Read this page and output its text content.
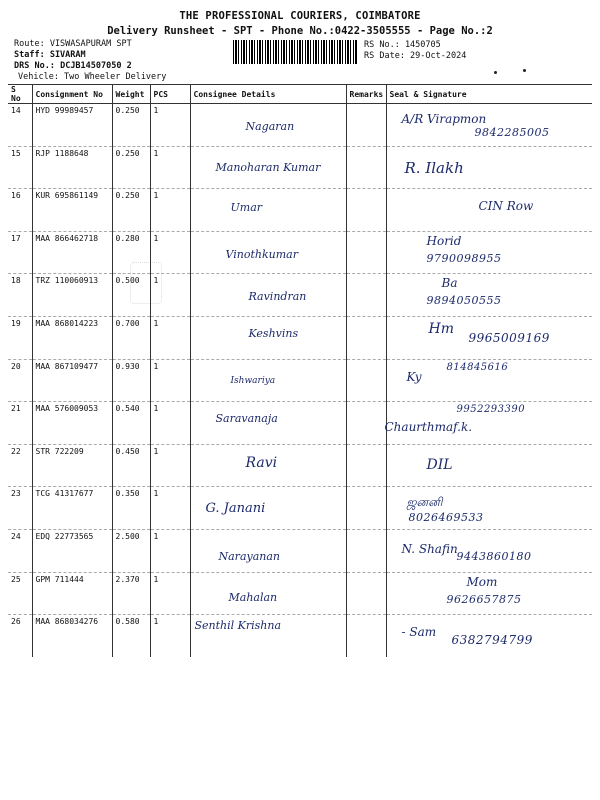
THE PROFESSIONAL COURIERS, COIMBATORE
Delivery Runsheet - SPT - Phone No.:0422-3505555 - Page No.:2
Route: VISWASAPURAM SPT
Staff: SIVARAM
DRS No.: DCJB14507050 2
Vehicle: Two Wheeler Delivery
RS No.: 1450705
RS Date: 29-Oct-2024
S No	Consignment No	Weight	PCS	Consignee Details	Remarks	Seal & Signature
14	HYD 99989457	0.250	1	Nagaran		A/R Virapmon
9842285005

15	RJP 1188648	0.250	1	Manoharan Kumar		R. Ilakh

16	KUR 695861149	0.250	1	Umar		CIN Row

17	MAA 866462718	0.280	1	Vinothkumar		Horid
9790098955

18	TRZ 110060913	0.500	1	Ravindran		Ba
9894050555

19	MAA 868014223	0.700	1	Keshvins		Hm
9965009169

20	MAA 867109477	0.930	1	Ishwariya		Ky
814845616

21	MAA 576009053	0.540	1	Saravanaja		Chaurthmaf.k.
9952293390

22	STR 722209	0.450	1	Ravi		DIL

23	TCG 41317677	0.350	1	G. Janani		ஜனனி
8026469533

24	EDQ 22773565	2.500	1	Narayanan		N. Shafin
9443860180

25	GPM 711444	2.370	1	Mahalan		Mom
9626657875

26	MAA 868034276	0.580	1	Senthil Krishna		- Sam
6382794799
